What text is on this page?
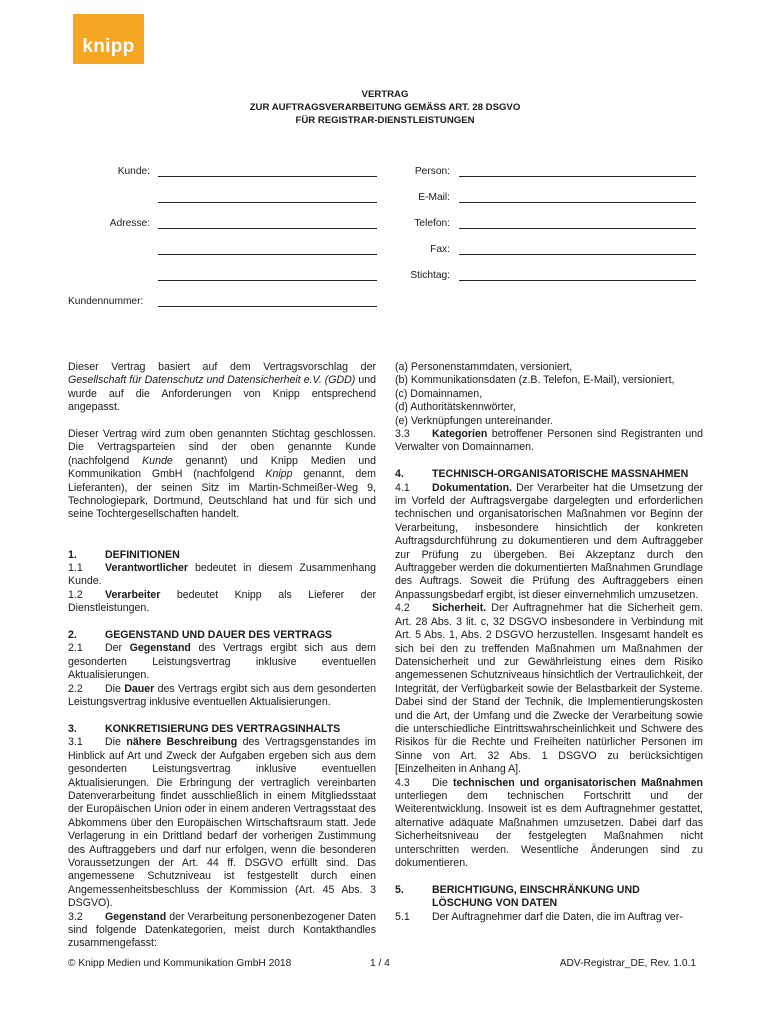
knipp
VERTRAG
ZUR AUFTRAGSVERARBEITUNG GEMÄSS ART. 28 DSGVO
FÜR REGISTRAR-DIENSTLEISTUNGEN
Kunde:
Adresse:
Kundennummer:
Person:
E-Mail:
Telefon:
Fax:
Stichtag:

Dieser Vertrag basiert auf dem Vertragsvorschlag der Gesellschaft für Datenschutz und Datensicherheit e.V. (GDD) und wurde auf die Anforderungen von Knipp entsprechend angepasst.

Dieser Vertrag wird zum oben genannten Stichtag geschlossen. Die Vertragsparteien sind der oben genannte Kunde (nachfolgend Kunde genannt) und Knipp Medien und Kommunikation GmbH (nachfolgend Knipp genannt, dem Lieferanten), der seinen Sitz im Martin-Schmeißer-Weg 9, Technologiepark, Dortmund, Deutschland hat und für sich und seine Tochtergesellschaften handelt.

1.	DEFINITIONEN

1.1 Verantwortlicher bedeutet in diesem Zusammenhang Kunde.

1.2 Verarbeiter bedeutet Knipp als Lieferer der Dienstleistungen.

2.	GEGENSTAND UND DAUER DES VERTRAGS

2.1 Der Gegenstand des Vertrags ergibt sich aus dem gesonderten Leistungsvertrag inklusive eventuellen Aktualisierungen.

2.2 Die Dauer des Vertrags ergibt sich aus dem gesonderten Leistungsvertrag inklusive eventuellen Aktualisierungen.

3.	KONKRETISIERUNG DES VERTRAGSINHALTS

3.1 Die nähere Beschreibung des Vertragsgenstandes im Hinblick auf Art und Zweck der Aufgaben ergeben sich aus dem gesonderten Leistungsvertrag inklusive eventuellen Aktualisierungen. Die Erbringung der vertraglich vereinbarten Datenverarbeitung findet ausschließlich in einem Mitgliedsstaat der Europäischen Union oder in einem anderen Vertragsstaat des Abkommens über den Europäischen Wirtschaftsraum statt. Jede Verlagerung in ein Drittland bedarf der vorherigen Zustimmung des Auftraggebers und darf nur erfolgen, wenn die besonderen Voraussetzungen der Art. 44 ff. DSGVO erfüllt sind. Das angemessene Schutzniveau ist festgestellt durch einen Angemessenheitsbeschluss der Kommission (Art. 45 Abs. 3 DSGVO).

3.2 Gegenstand der Verarbeitung personenbezogener Daten sind folgende Datenkategorien, meist durch Kontakthandles zusammengefasst:

(a) Personenstammdaten, versioniert,

(b) Kommunikationsdaten (z.B. Telefon, E-Mail), versioniert,

(c) Domainnamen,

(d) Authoritätskennwörter,

(e) Verknüpfungen untereinander.

3.3 Kategorien betroffener Personen sind Registranten und Verwalter von Domainnamen.

4.	TECHNISCH-ORGANISATORISCHE MASSNAHMEN

4.1 Dokumentation. Der Verarbeiter hat die Umsetzung der im Vorfeld der Auftragsvergabe dargelegten und erforderlichen technischen und organisatorischen Maßnahmen vor Beginn der Verarbeitung, insbesondere hinsichtlich der konkreten Auftragsdurchführung zu dokumentieren und dem Auftraggeber zur Prüfung zu übergeben. Bei Akzeptanz durch den Auftraggeber werden die dokumentierten Maßnahmen Grundlage des Auftrags. Soweit die Prüfung des Auftraggebers einen Anpassungsbedarf ergibt, ist dieser einvernehmlich umzusetzen.

4.2 Sicherheit. Der Auftragnehmer hat die Sicherheit gem. Art. 28 Abs. 3 lit. c, 32 DSGVO insbesondere in Verbindung mit Art. 5 Abs. 1, Abs. 2 DSGVO herzustellen. Insgesamt handelt es sich bei den zu treffenden Maßnahmen um Maßnahmen der Datensicherheit und zur Gewährleistung eines dem Risiko angemessenen Schutzniveaus hinsichtlich der Vertraulichkeit, der Integrität, der Verfügbarkeit sowie der Belastbarkeit der Systeme. Dabei sind der Stand der Technik, die Implementierungskosten und die Art, der Umfang und die Zwecke der Verarbeitung sowie die unterschiedliche Eintrittswahrscheinlichkeit und Schwere des Risikos für die Rechte und Freiheiten natürlicher Personen im Sinne von Art. 32 Abs. 1 DSGVO zu berücksichtigen [Einzelheiten in Anhang A].

4.3 Die technischen und organisatorischen Maßnahmen unterliegen dem technischen Fortschritt und der Weiterentwicklung. Insoweit ist es dem Auftragnehmer gestattet, alternative adäquate Maßnahmen umzusetzen. Dabei darf das Sicherheitsniveau der festgelegten Maßnahmen nicht unterschritten werden. Wesentliche Änderungen sind zu dokumentieren.

5.	BERICHTIGUNG, EINSCHRÄNKUNG UND

LÖSCHUNG VON DATEN

5.1 Der Auftragnehmer darf die Daten, die im Auftrag ver-

© Knipp Medien und Kommunikation GmbH 2018	1 / 4	ADV-Registrar_DE, Rev. 1.0.1
